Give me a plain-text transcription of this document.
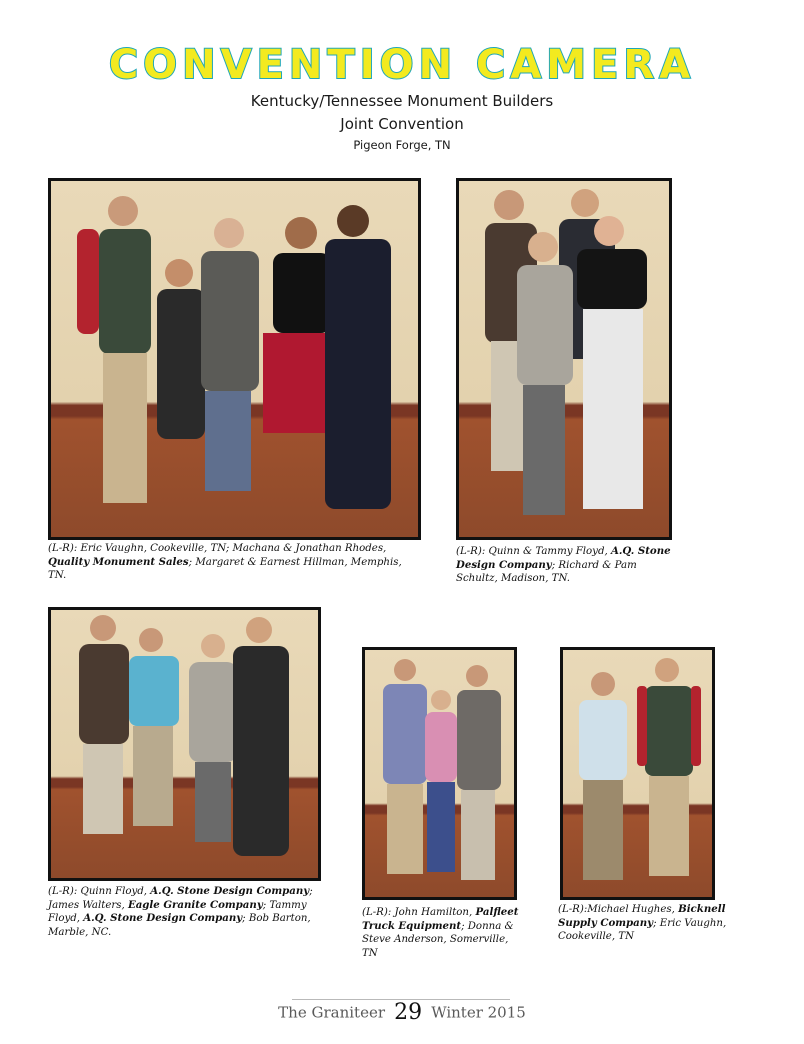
CONVENTION CAMERA
Kentucky/Tennessee Monument Builders
Joint Convention
Pigeon Forge, TN
(L-R): Eric Vaughn, Cookeville, TN; Machana & Jonathan Rhodes, Quality Monument Sales; Margaret & Earnest Hillman, Memphis, TN.
(L-R): Quinn & Tammy Floyd, A.Q. Stone Design Company; Richard & Pam Schultz, Madison, TN.
(L-R): Quinn Floyd, A.Q. Stone Design Company; James Walters, Eagle Granite Company; Tammy Floyd, A.Q. Stone Design Company; Bob Barton, Marble, NC.
(L-R): John Hamilton, Palfleet Truck Equipment; Donna & Steve Anderson, Somerville, TN
(L-R):Michael Hughes, Bicknell Supply Company; Eric Vaughn, Cookeville, TN
The Graniteer 29 Winter 2015
